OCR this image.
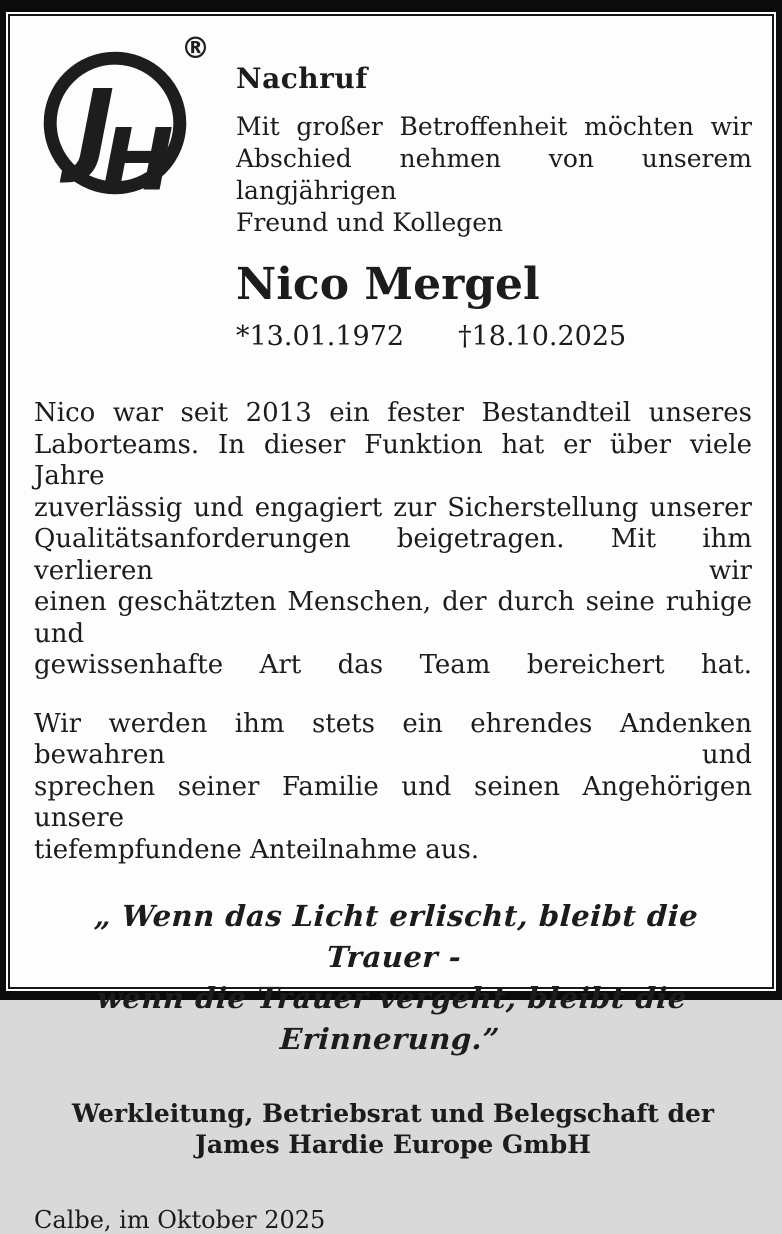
J
H
®
Nachruf
Mit großer Betroffenheit möchten wir
Abschied nehmen von unserem langjährigen
Freund und Kollegen
Nico Mergel
*13.01.1972 †18.10.2025
Nico war seit 2013 ein fester Bestandteil unseres
Laborteams. In dieser Funktion hat er über viele Jahre
zuverlässig und engagiert zur Sicherstellung unserer
Qualitätsanforderungen beigetragen. Mit ihm verlieren wir
einen geschätzten Menschen, der durch seine ruhige und
gewissenhafte Art das Team bereichert hat.
Wir werden ihm stets ein ehrendes Andenken bewahren und
sprechen seiner Familie und seinen Angehörigen unsere
tiefempfundene Anteilnahme aus.
„ Wenn das Licht erlischt, bleibt die Trauer -
wenn die Trauer vergeht, bleibt die Erinnerung.”
Werkleitung, Betriebsrat und Belegschaft der
James Hardie Europe GmbH
Calbe, im Oktober 2025
